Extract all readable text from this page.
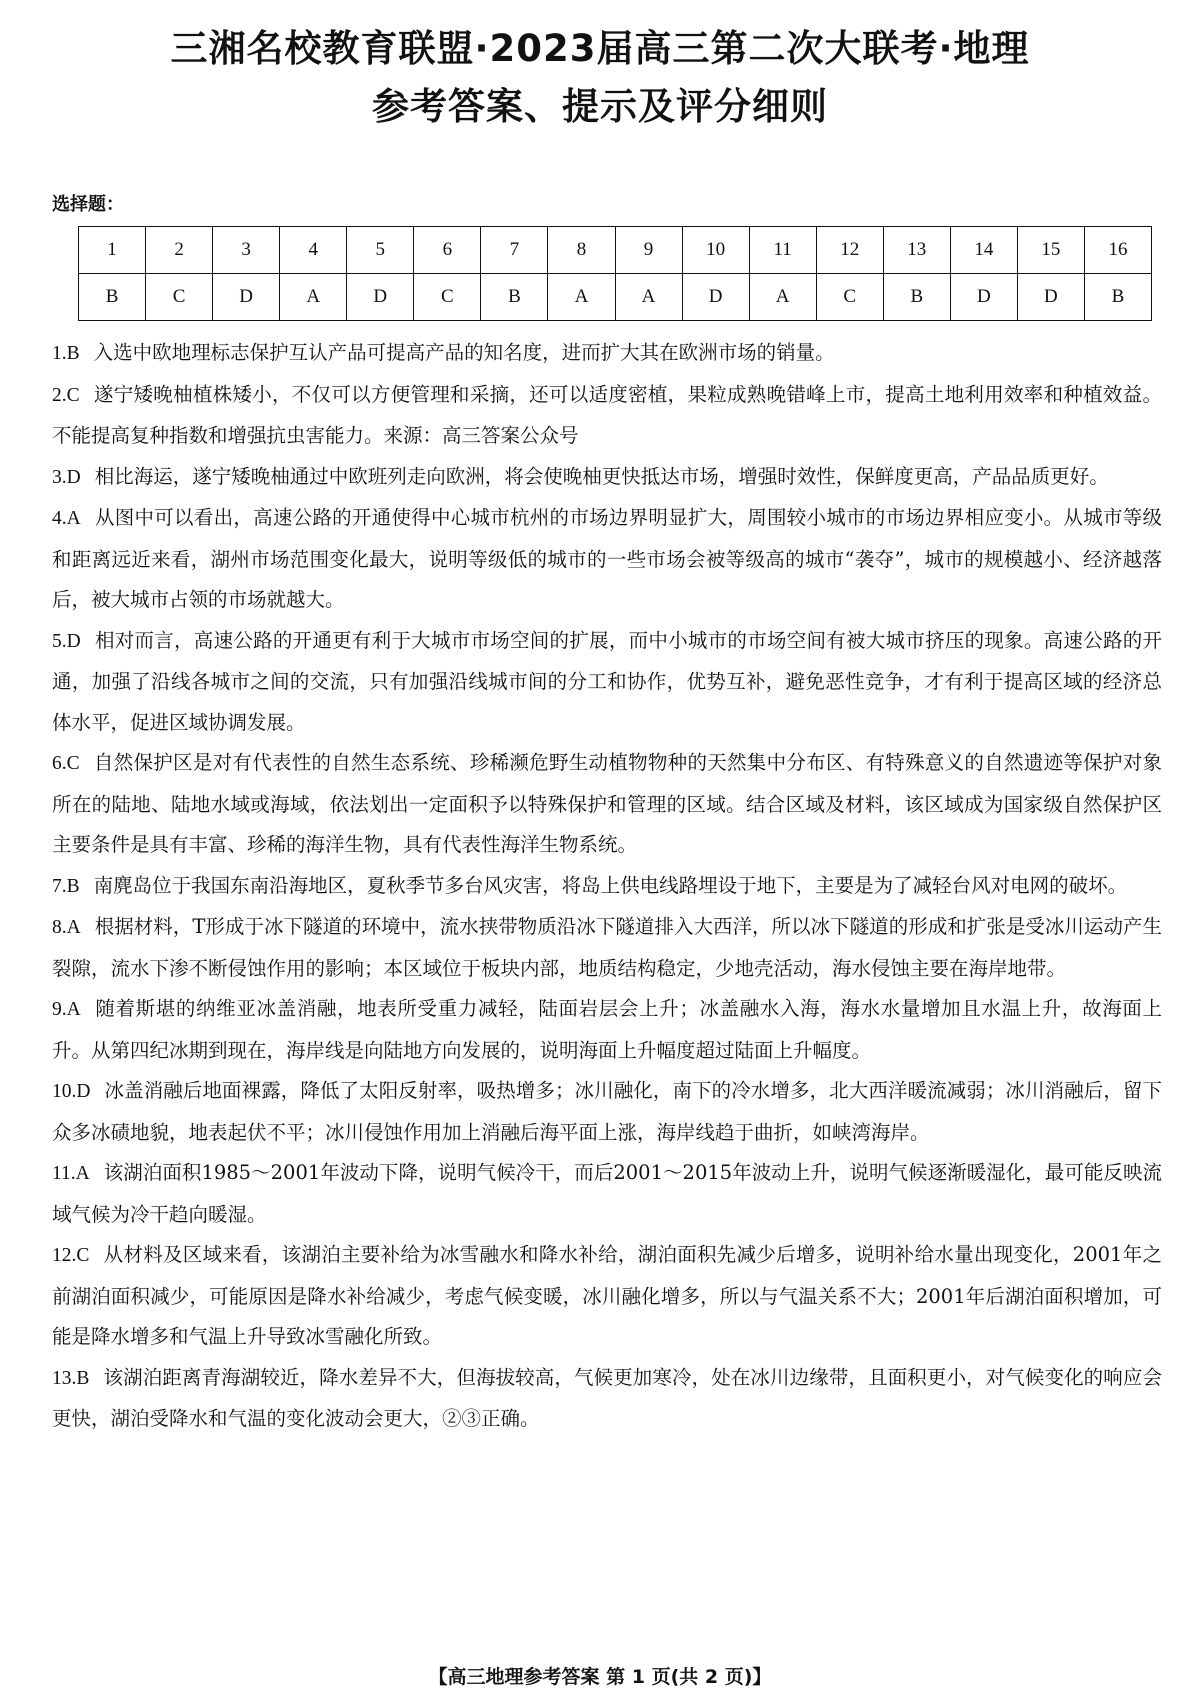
三湘名校教育联盟·2023届高三第二次大联考·地理
参考答案、提示及评分细则
选择题：
1	2	3	4	5	6	7	8	9	10	11	12	13	14	15	16
B	C	D	A	D	C	B	A	A	D	A	C	B	D	D	B
1.B 入选中欧地理标志保护互认产品可提高产品的知名度，进而扩大其在欧洲市场的销量。
2.C 遂宁矮晚柚植株矮小，不仅可以方便管理和采摘，还可以适度密植，果粒成熟晚错峰上市，提高土地利用效率和种植效益。不能提高复种指数和增强抗虫害能力。来源：高三答案公众号
3.D 相比海运，遂宁矮晚柚通过中欧班列走向欧洲，将会使晚柚更快抵达市场，增强时效性，保鲜度更高，产品品质更好。
4.A 从图中可以看出，高速公路的开通使得中心城市杭州的市场边界明显扩大，周围较小城市的市场边界相应变小。从城市等级和距离远近来看，湖州市场范围变化最大，说明等级低的城市的一些市场会被等级高的城市“袭夺”，城市的规模越小、经济越落后，被大城市占领的市场就越大。
5.D 相对而言，高速公路的开通更有利于大城市市场空间的扩展，而中小城市的市场空间有被大城市挤压的现象。高速公路的开通，加强了沿线各城市之间的交流，只有加强沿线城市间的分工和协作，优势互补，避免恶性竞争，才有利于提高区域的经济总体水平，促进区域协调发展。
6.C 自然保护区是对有代表性的自然生态系统、珍稀濒危野生动植物物种的天然集中分布区、有特殊意义的自然遗迹等保护对象所在的陆地、陆地水域或海域，依法划出一定面积予以特殊保护和管理的区域。结合区域及材料，该区域成为国家级自然保护区主要条件是具有丰富、珍稀的海洋生物，具有代表性海洋生物系统。
7.B 南麂岛位于我国东南沿海地区，夏秋季节多台风灾害，将岛上供电线路埋设于地下，主要是为了减轻台风对电网的破坏。
8.A 根据材料，T形成于冰下隧道的环境中，流水挟带物质沿冰下隧道排入大西洋，所以冰下隧道的形成和扩张是受冰川运动产生裂隙，流水下渗不断侵蚀作用的影响；本区域位于板块内部，地质结构稳定，少地壳活动，海水侵蚀主要在海岸地带。
9.A 随着斯堪的纳维亚冰盖消融，地表所受重力减轻，陆面岩层会上升；冰盖融水入海，海水水量增加且水温上升，故海面上升。从第四纪冰期到现在，海岸线是向陆地方向发展的，说明海面上升幅度超过陆面上升幅度。
10.D 冰盖消融后地面裸露，降低了太阳反射率，吸热增多；冰川融化，南下的冷水增多，北大西洋暖流减弱；冰川消融后，留下众多冰碛地貌，地表起伏不平；冰川侵蚀作用加上消融后海平面上涨，海岸线趋于曲折，如峡湾海岸。
11.A 该湖泊面积1985～2001年波动下降，说明气候冷干，而后2001～2015年波动上升，说明气候逐渐暖湿化，最可能反映流域气候为冷干趋向暖湿。
12.C 从材料及区域来看，该湖泊主要补给为冰雪融水和降水补给，湖泊面积先减少后增多，说明补给水量出现变化，2001年之前湖泊面积减少，可能原因是降水补给减少，考虑气候变暖，冰川融化增多，所以与气温关系不大；2001年后湖泊面积增加，可能是降水增多和气温上升导致冰雪融化所致。
13.B 该湖泊距离青海湖较近，降水差异不大，但海拔较高，气候更加寒冷，处在冰川边缘带，且面积更小，对气候变化的响应会更快，湖泊受降水和气温的变化波动会更大，②③正确。
【高三地理参考答案 第 1 页(共 2 页)】
